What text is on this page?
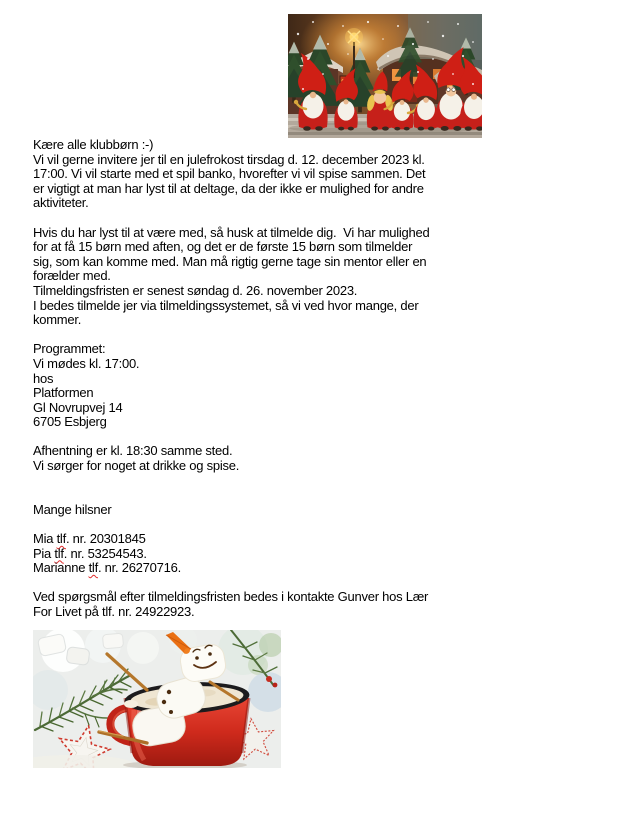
Kære alle klubbørn :-)
Vi vil gerne invitere jer til en julefrokost tirsdag d. 12. december 2023 kl.
17:00. Vi vil starte med et spil banko, hvorefter vi vil spise sammen. Det
er vigtigt at man har lyst til at deltage, da der ikke er mulighed for andre
aktiviteter.

Hvis du har lyst til at være med, så husk at tilmelde dig.  Vi har mulighed
for at få 15 børn med aften, og det er de første 15 børn som tilmelder
sig, som kan komme med. Man må rigtig gerne tage sin mentor eller en
forælder med.
Tilmeldingsfristen er senest søndag d. 26. november 2023.
I bedes tilmelde jer via tilmeldingssystemet, så vi ved hvor mange, der
kommer.

Programmet:
Vi mødes kl. 17:00.
hos
Platformen
Gl Novrupvej 14
6705 Esbjerg

Afhentning er kl. 18:30 samme sted.
Vi sørger for noget at drikke og spise.

Mange hilsner

Mia tlf. nr. 20301845
Pia tlf. nr. 53254543.
Marianne tlf. nr. 26270716.

Ved spørgsmål efter tilmeldingsfristen bedes i kontakte Gunver hos Lær
For Livet på tlf. nr. 24922923.
